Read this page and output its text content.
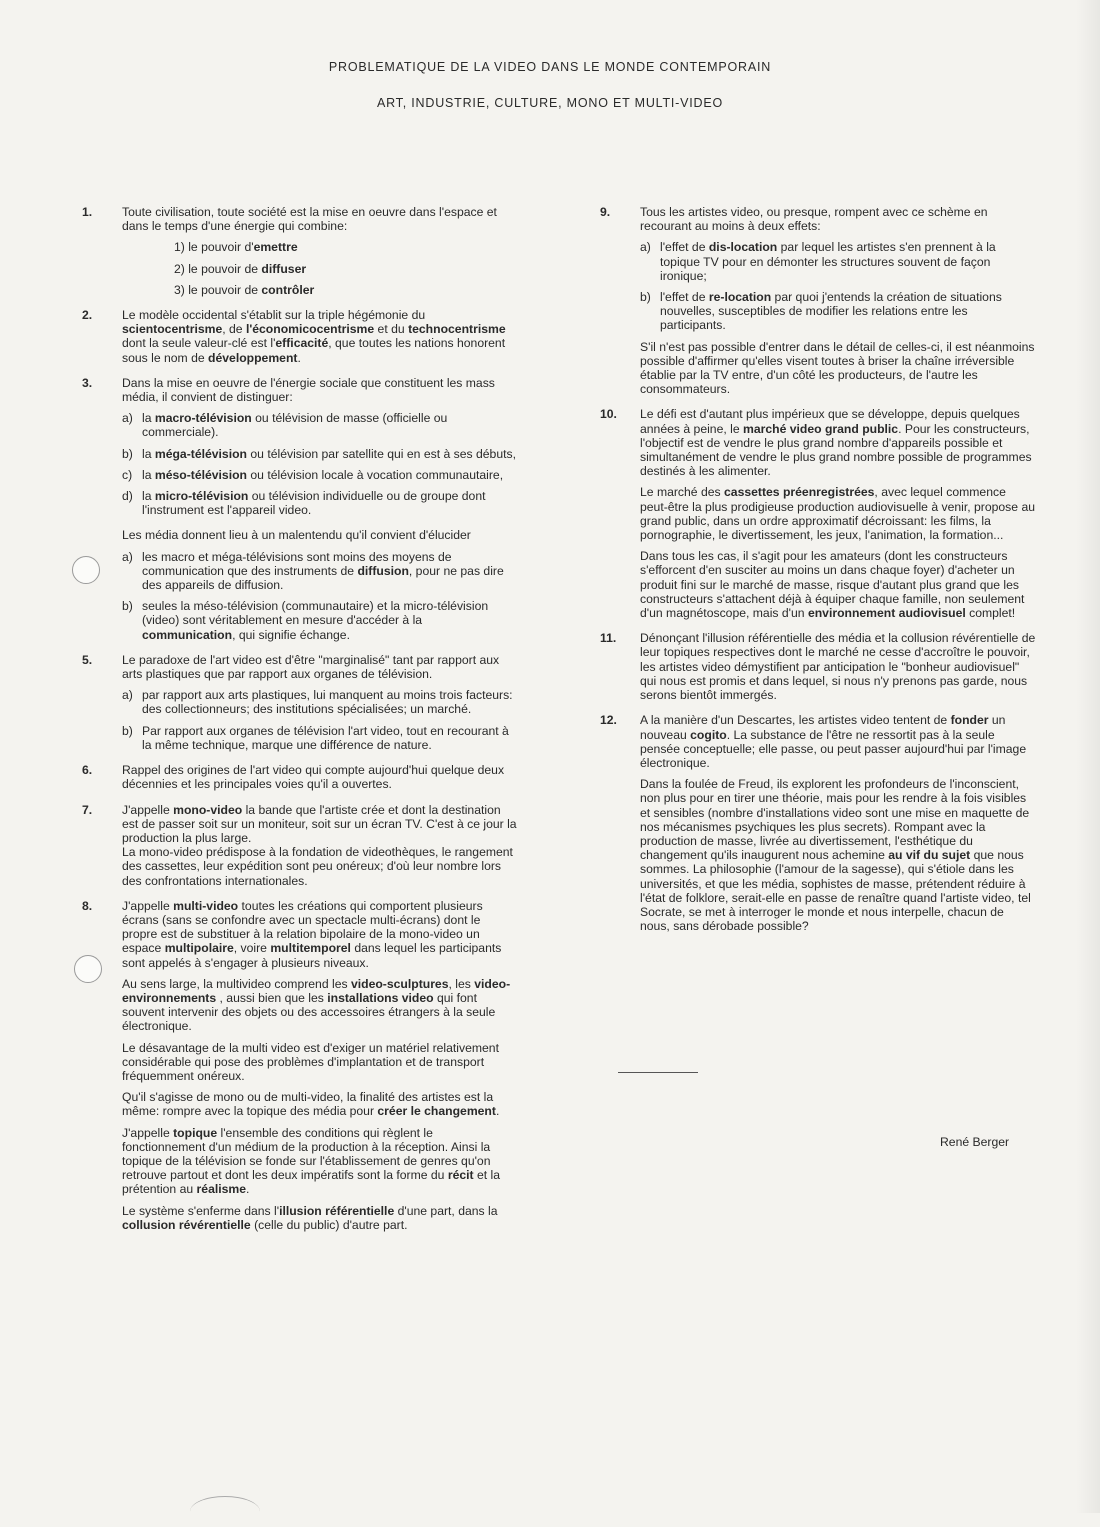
PROBLEMATIQUE DE LA VIDEO DANS LE MONDE CONTEMPORAIN
ART, INDUSTRIE, CULTURE, MONO ET MULTI-VIDEO
1. Toute civilisation, toute société est la mise en oeuvre dans l'espace et dans le temps d'une énergie qui combine:

1) le pouvoir d'emettre
2) le pouvoir de diffuser
3) le pouvoir de contrôler
2. Le modèle occidental s'établit sur la triple hégémonie du scientocentrisme, de l'économicocentrisme et du technocentrisme dont la seule valeur-clé est l'efficacité, que toutes les nations honorent sous le nom de développement.

3. Dans la mise en oeuvre de l'énergie sociale que constituent les mass média, il convient de distinguer:

a) la macro-télévision ou télévision de masse (officielle ou commerciale).

b) la méga-télévision ou télévision par satellite qui en est à ses débuts,

c) la méso-télévision ou télévision locale à vocation communautaire,

d) la micro-télévision ou télévision individuelle ou de groupe dont l'instrument est l'appareil video.

Les média donnent lieu à un malentendu qu'il convient d'élucider

a) les macro et méga-télévisions sont moins des moyens de communication que des instruments de diffusion, pour ne pas dire des appareils de diffusion.

b) seules la méso-télévision (communautaire) et la micro-télévision (video) sont véritablement en mesure d'accéder à la communication, qui signifie échange.

5. Le paradoxe de l'art video est d'être "marginalisé" tant par rapport aux arts plastiques que par rapport aux organes de télévision.

a) par rapport aux arts plastiques, lui manquent au moins trois facteurs: des collectionneurs; des institutions spécialisées; un marché.

b) Par rapport aux organes de télévision l'art video, tout en recourant à la même technique, marque une différence de nature.

6. Rappel des origines de l'art video qui compte aujourd'hui quelque deux décennies et les principales voies qu'il a ouvertes.

7. J'appelle mono-video la bande que l'artiste crée et dont la destination est de passer soit sur un moniteur, soit sur un écran TV. C'est à ce jour la production la plus large.

La mono-video prédispose à la fondation de videothèques, le rangement des cassettes, leur expédition sont peu onéreux; d'où leur nombre lors des confrontations internationales.

8. J'appelle multi-video toutes les créations qui comportent plusieurs écrans (sans se confondre avec un spectacle multi-écrans) dont le propre est de substituer à la relation bipolaire de la mono-video un espace multipolaire, voire multitemporel dans lequel les participants sont appelés à s'engager à plusieurs niveaux.

Au sens large, la multivideo comprend les video-sculptures, les video-environnements , aussi bien que les installations video qui font souvent intervenir des objets ou des accessoires étrangers à la seule électronique.

Le désavantage de la multi video est d'exiger un matériel relativement considérable qui pose des problèmes d'implantation et de transport fréquemment onéreux.

Qu'il s'agisse de mono ou de multi-video, la finalité des artistes est la même: rompre avec la topique des média pour créer le changement.

J'appelle topique l'ensemble des conditions qui règlent le fonctionnement d'un médium de la production à la réception. Ainsi la topique de la télévision se fonde sur l'établissement de genres qu'on retrouve partout et dont les deux impératifs sont la forme du récit et la prétention au réalisme.

Le système s'enferme dans l'illusion référentielle d'une part, dans la collusion révérentielle (celle du public) d'autre part.

9. Tous les artistes video, ou presque, rompent avec ce schème en recourant au moins à deux effets:

a) l'effet de dis-location par lequel les artistes s'en prennent à la topique TV pour en démonter les structures souvent de façon ironique;

b) l'effet de re-location par quoi j'entends la création de situations nouvelles, susceptibles de modifier les relations entre les participants.

S'il n'est pas possible d'entrer dans le détail de celles-ci, il est néanmoins possible d'affirmer qu'elles visent toutes à briser la chaîne irréversible établie par la TV entre, d'un côté les producteurs, de l'autre les consommateurs.

10. Le défi est d'autant plus impérieux que se développe, depuis quelques années à peine, le marché video grand public. Pour les constructeurs, l'objectif est de vendre le plus grand nombre d'appareils possible et simultanément de vendre le plus grand nombre possible de programmes destinés à les alimenter.

Le marché des cassettes préenregistrées, avec lequel commence peut-être la plus prodigieuse production audiovisuelle à venir, propose au grand public, dans un ordre approximatif décroissant: les films, la pornographie, le divertissement, les jeux, l'animation, la formation...

Dans tous les cas, il s'agit pour les amateurs (dont les constructeurs s'efforcent d'en susciter au moins un dans chaque foyer) d'acheter un produit fini sur le marché de masse, risque d'autant plus grand que les constructeurs s'attachent déjà à équiper chaque famille, non seulement d'un magnétoscope, mais d'un environnement audiovisuel complet!

11. Dénonçant l'illusion référentielle des média et la collusion révérentielle de leur topiques respectives dont le marché ne cesse d'accroître le pouvoir, les artistes video démystifient par anticipation le "bonheur audiovisuel" qui nous est promis et dans lequel, si nous n'y prenons pas garde, nous serons bientôt immergés.

12. A la manière d'un Descartes, les artistes video tentent de fonder un nouveau cogito. La substance de l'être ne ressortit pas à la seule pensée conceptuelle; elle passe, ou peut passer aujourd'hui par l'image électronique.

Dans la foulée de Freud, ils explorent les profondeurs de l'inconscient, non plus pour en tirer une théorie, mais pour les rendre à la fois visibles et sensibles (nombre d'installations video sont une mise en maquette de nos mécanismes psychiques les plus secrets). Rompant avec la production de masse, livrée au divertissement, l'esthétique du changement qu'ils inaugurent nous achemine au vif du sujet que nous sommes. La philosophie (l'amour de la sagesse), qui s'étiole dans les universités, et que les média, sophistes de masse, prétendent réduire à l'état de folklore, serait-elle en passe de renaître quand l'artiste video, tel Socrate, se met à interroger le monde et nous interpelle, chacun de nous, sans dérobade possible?

René Berger
